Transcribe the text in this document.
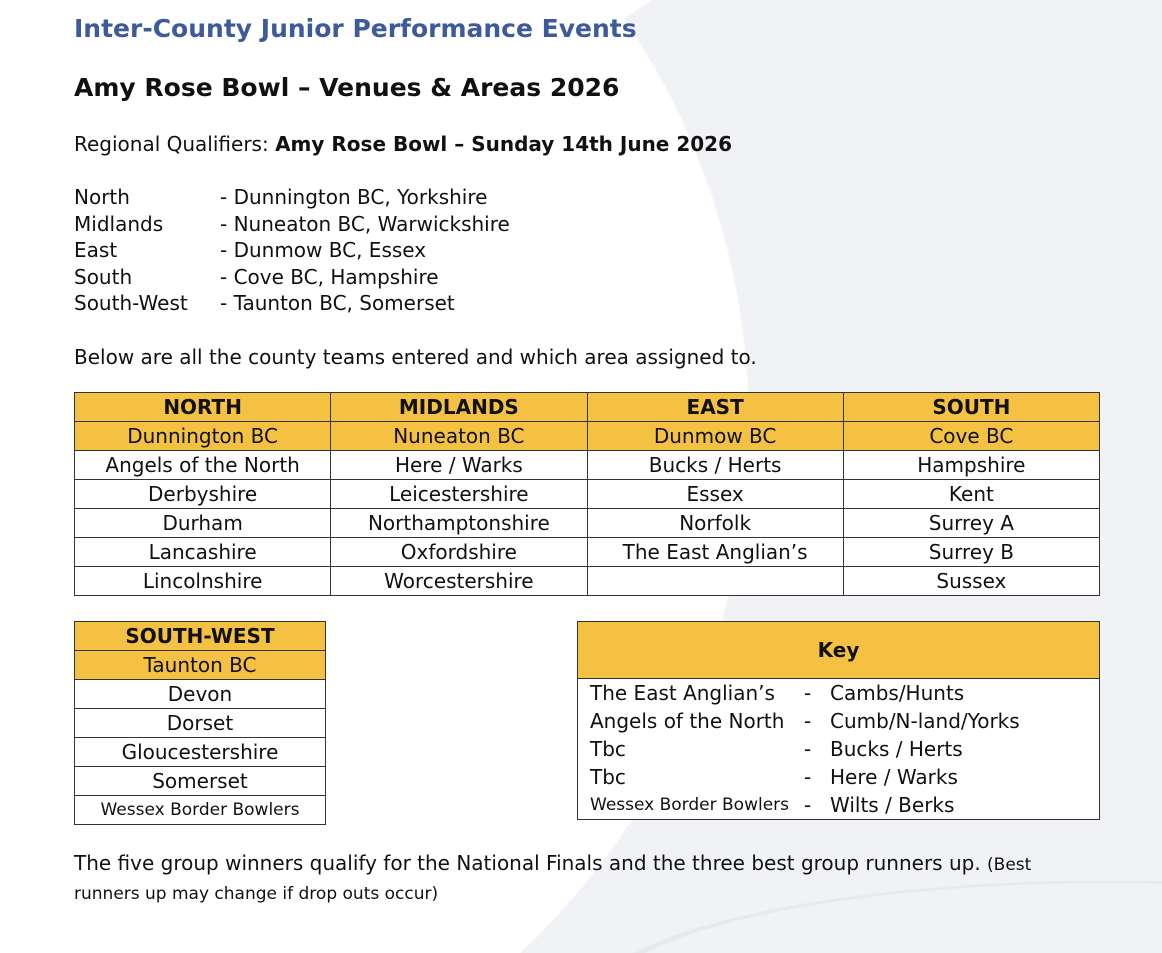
Inter-County Junior Performance Events
Amy Rose Bowl – Venues & Areas 2026
Regional Qualifiers: Amy Rose Bowl – Sunday 14th June 2026
North	- Dunnington BC, Yorkshire
Midlands	- Nuneaton BC, Warwickshire
East	- Dunmow BC, Essex
South	- Cove BC, Hampshire
South-West - Taunton BC, Somerset
Below are all the county teams entered and which area assigned to.
NORTH	MIDLANDS	EAST	SOUTH
Dunnington BC	Nuneaton BC	Dunmow BC	Cove BC
Angels of the North	Here / Warks	Bucks / Herts	Hampshire
Derbyshire	Leicestershire	Essex	Kent
Durham	Northamptonshire	Norfolk	Surrey A
Lancashire	Oxfordshire	The East Anglian’s	Surrey B
Lincolnshire	Worcestershire		Sussex
SOUTH-WEST
Taunton BC
Devon
Dorset
Gloucestershire
Somerset
Wessex Border Bowlers
Key		
The East Anglian’s	-	Cambs/Hunts
Angels of the North	-	Cumb/N-land/Yorks
Tbc	-	Bucks / Herts
Tbc	-	Here / Warks
Wessex Border Bowlers	-	Wilts / Berks
The five group winners qualify for the National Finals and the three best group runners up. (Best runners up may change if drop outs occur)
